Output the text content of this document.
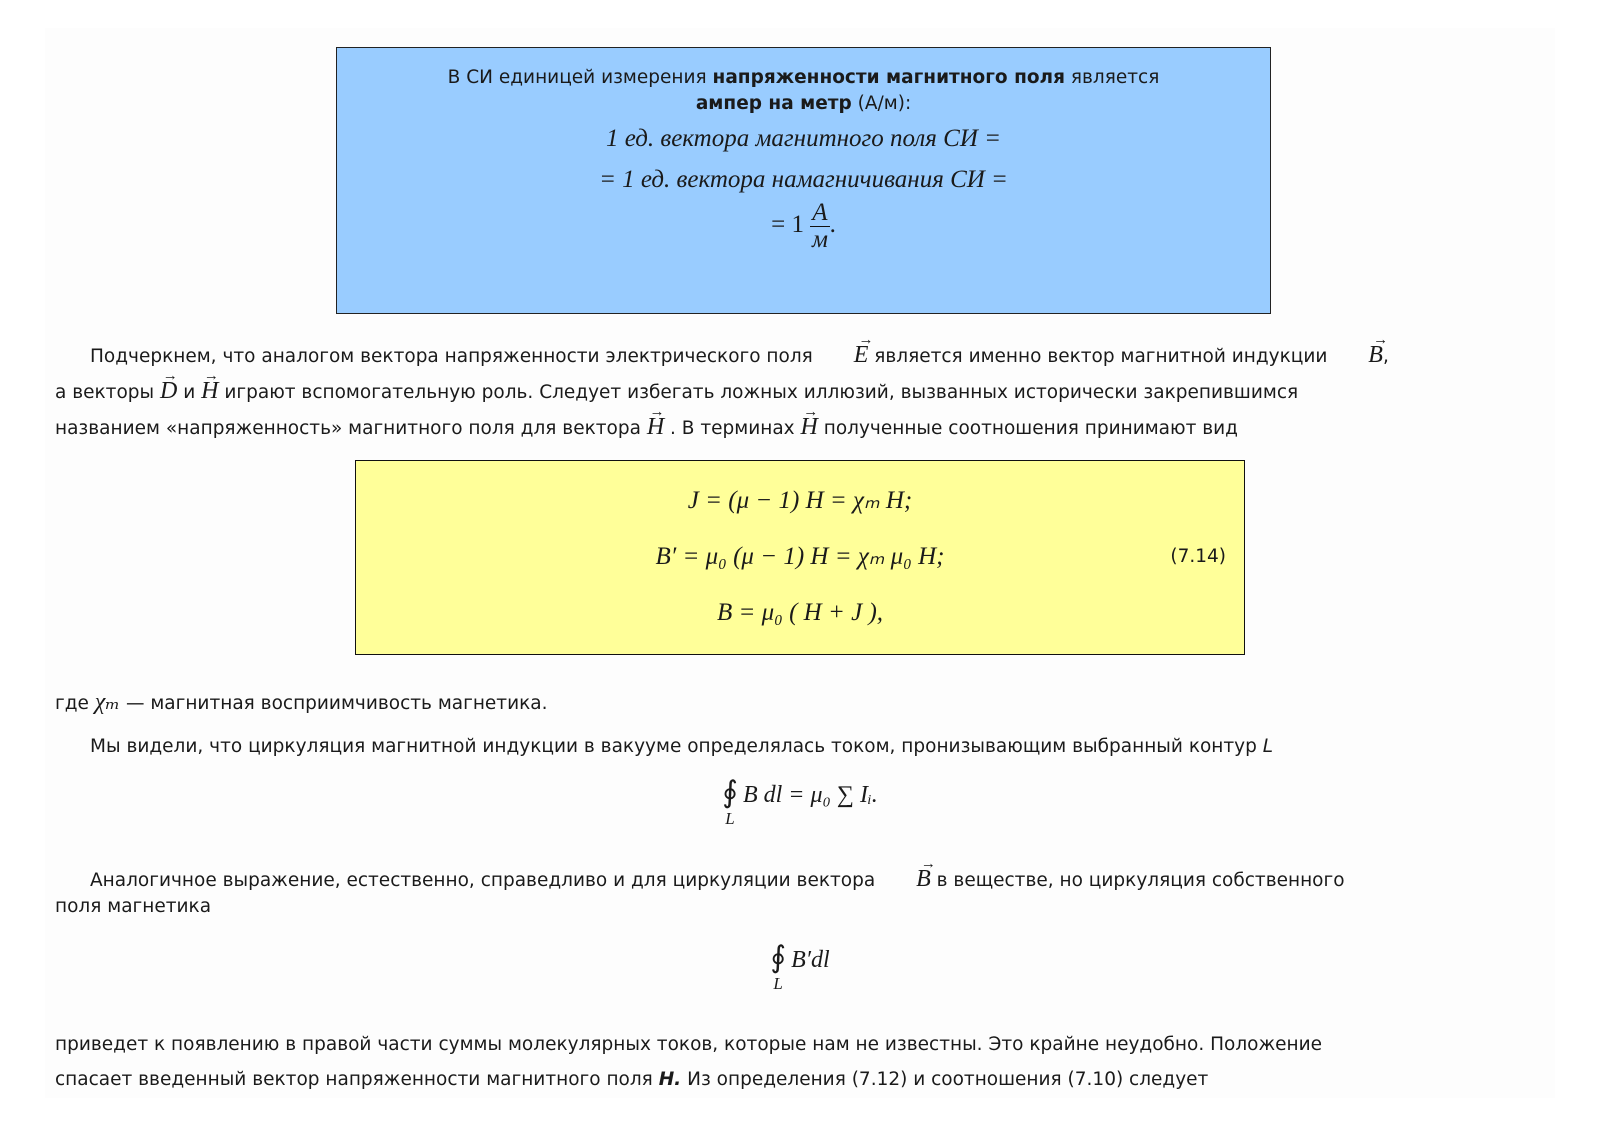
В СИ единицей измерения напряженности магнитного поля является
ампер на метр (А/м):
1 ед. вектора магнитного поля СИ =
= 1 ед. вектора намагничивания СИ =
= $1 \frac{А}{м}$ .
Подчеркнем, что аналогом вектора напряженности электрического поля → E является именно вектор магнитной индукции → B,
а векторы → D и → H играют вспомогательную роль. Следует избегать ложных иллюзий, вызванных исторически закрепившимся
названием «напряженность» магнитного поля для вектора → H . В терминах → H полученные соотношения принимают вид
J = (μ − 1) H = χₘ H;
B′ = μ₀ (μ − 1) H = χₘ μ₀ H;
B = μ₀ ( H + J ),
(7.14)
где χₘ — магнитная восприимчивость магнетика.
Мы видели, что циркуляция магнитной индукции в вакууме определялась током, пронизывающим выбранный контур L
∮
L
B dl = μ₀ ∑ Iᵢ.
Аналогичное выражение, естественно, справедливо и для циркуляции вектора → B в веществе, но циркуляция собственного
поля магнетика
∮
L
B′dl
приведет к появлению в правой части суммы молекулярных токов, которые нам не известны. Это крайне неудобно. Положение
спасает введенный вектор напряженности магнитного поля H. Из определения (7.12) и соотношения (7.10) следует
